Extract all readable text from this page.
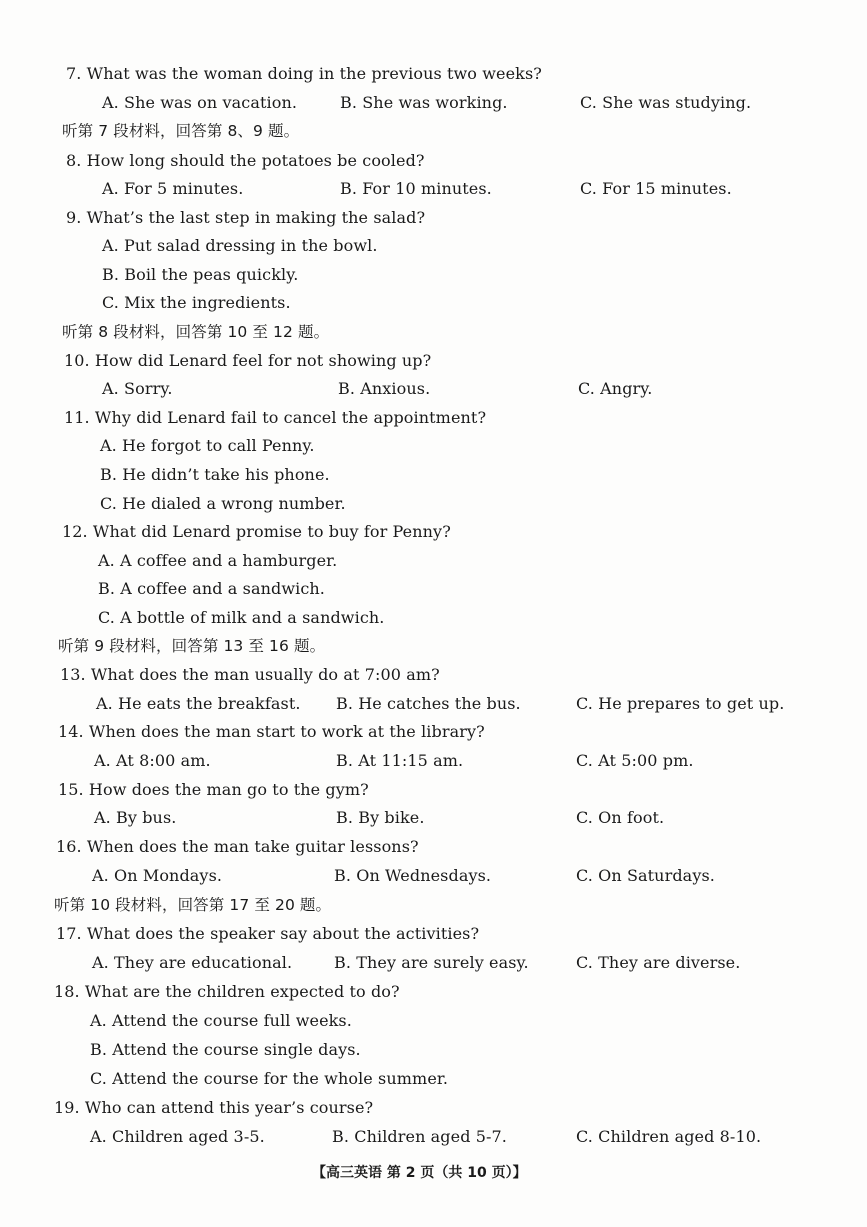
7. What was the woman doing in the previous two weeks?
A. She was on vacation.	B. She was working.	C. She was studying.
听第 7 段材料，回答第 8、9 题。
8. How long should the potatoes be cooled?
A. For 5 minutes.	B. For 10 minutes.	C. For 15 minutes.
9. What’s the last step in making the salad?
A. Put salad dressing in the bowl.
B. Boil the peas quickly.
C. Mix the ingredients.
听第 8 段材料，回答第 10 至 12 题。
10. How did Lenard feel for not showing up?
A. Sorry.	B. Anxious.	C. Angry.
11. Why did Lenard fail to cancel the appointment?
A. He forgot to call Penny.
B. He didn’t take his phone.
C. He dialed a wrong number.
12. What did Lenard promise to buy for Penny?
A. A coffee and a hamburger.
B. A coffee and a sandwich.
C. A bottle of milk and a sandwich.
听第 9 段材料，回答第 13 至 16 题。
13. What does the man usually do at 7:00 am?
A. He eats the breakfast. B. He catches the bus.	C. He prepares to get up.
14. When does the man start to work at the library?
A. At 8:00 am.	B. At 11:15 am.	C. At 5:00 pm.
15. How does the man go to the gym?
A. By bus.	B. By bike.	C. On foot.
16. When does the man take guitar lessons?
A. On Mondays.	B. On Wednesdays.	C. On Saturdays.
听第 10 段材料，回答第 17 至 20 题。
17. What does the speaker say about the activities?
A. They are educational.	B. They are surely easy.	C. They are diverse.
18. What are the children expected to do?
A. Attend the course full weeks.
B. Attend the course single days.
C. Attend the course for the whole summer.
19. Who can attend this year’s course?
A. Children aged 3-5.	B. Children aged 5-7.	C. Children aged 8-10.
【高三英语 第 2 页（共 10 页）】
